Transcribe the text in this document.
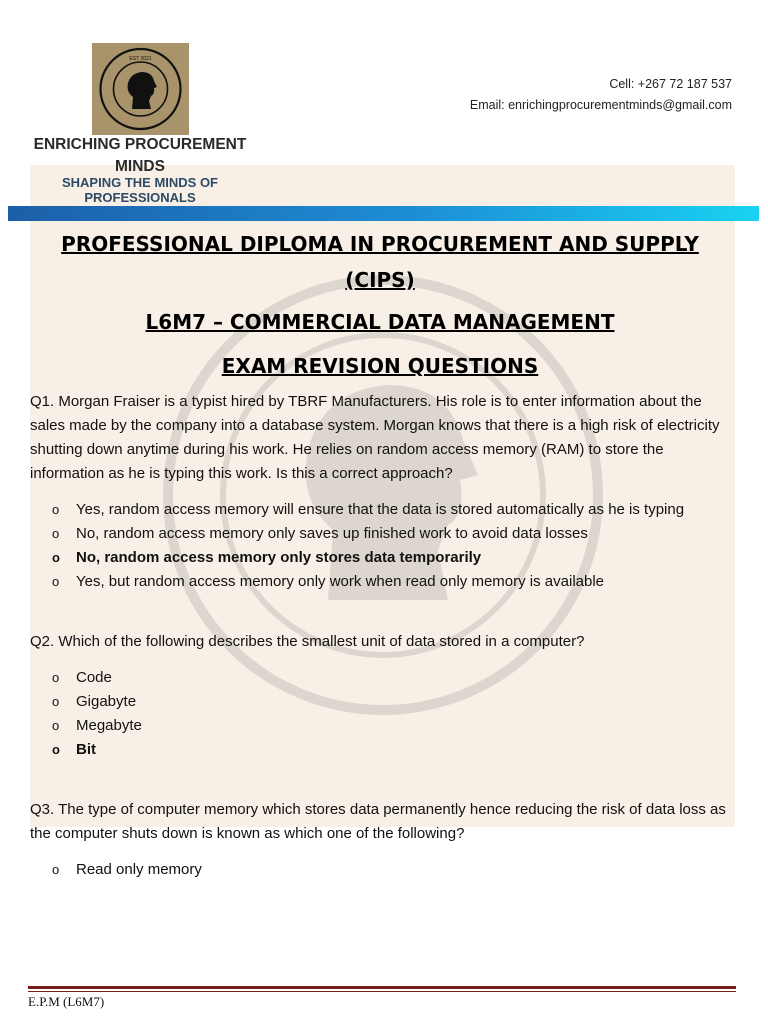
EST 2021
ENRICHING PROCUREMENT MINDS
SHAPING THE MINDS OF PROFESSIONALS
Cell: +267 72 187 537
Email: enrichingprocurementminds@gmail.com
PROFESSIONAL DIPLOMA IN PROCUREMENT AND SUPPLY (CIPS)
L6M7 – COMMERCIAL DATA MANAGEMENT
EXAM REVISION QUESTIONS

Q1. Morgan Fraiser is a typist hired by TBRF Manufacturers. His role is to enter information about the sales made by the company into a database system. Morgan knows that there is a high risk of electricity shutting down anytime during his work. He relies on random access memory (RAM) to store the information as he is typing this work. Is this a correct approach?

o Yes, random access memory will ensure that the data is stored automatically as he is typing
o No, random access memory only saves up finished work to avoid data losses
o No, random access memory only stores data temporarily
o Yes, but random access memory only work when read only memory is available

Q2. Which of the following describes the smallest unit of data stored in a computer?

o Code
o Gigabyte
o Megabyte
o Bit

Q3. The type of computer memory which stores data permanently hence reducing the risk of data loss as the computer shuts down is known as which one of the following?

o Read only memory
E.P.M (L6M7)
